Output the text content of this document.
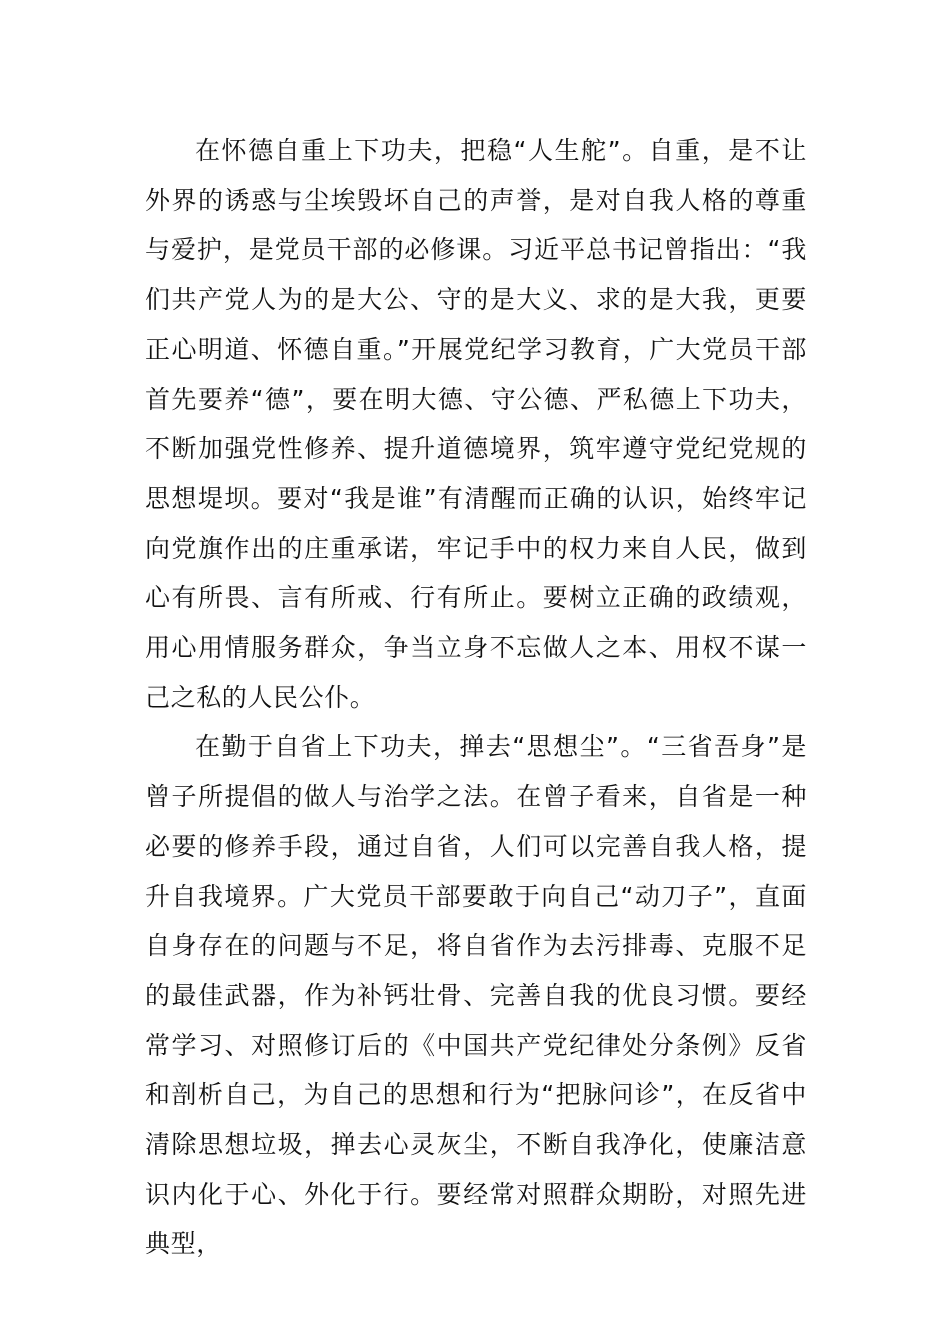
在怀德自重上下功夫，把稳“人生舵”。自重，是不让外界的诱惑与尘埃毁坏自己的声誉，是对自我人格的尊重与爱护，是党员干部的必修课。习近平总书记曾指出：“我们共产党人为的是大公、守的是大义、求的是大我，更要正心明道、怀德自重。”开展党纪学习教育，广大党员干部首先要养“德”，要在明大德、守公德、严私德上下功夫，不断加强党性修养、提升道德境界，筑牢遵守党纪党规的思想堤坝。要对“我是谁”有清醒而正确的认识，始终牢记向党旗作出的庄重承诺，牢记手中的权力来自人民，做到心有所畏、言有所戒、行有所止。要树立正确的政绩观，用心用情服务群众，争当立身不忘做人之本、用权不谋一己之私的人民公仆。

在勤于自省上下功夫，掸去“思想尘”。“三省吾身”是曾子所提倡的做人与治学之法。在曾子看来，自省是一种必要的修养手段，通过自省，人们可以完善自我人格，提升自我境界。广大党员干部要敢于向自己“动刀子”，直面自身存在的问题与不足，将自省作为去污排毒、克服不足的最佳武器，作为补钙壮骨、完善自我的优良习惯。要经常学习、对照修订后的《中国共产党纪律处分条例》反省和剖析自己，为自己的思想和行为“把脉问诊”，在反省中清除思想垃圾，掸去心灵灰尘，不断自我净化，使廉洁意识内化于心、外化于行。要经常对照群众期盼，对照先进典型，
